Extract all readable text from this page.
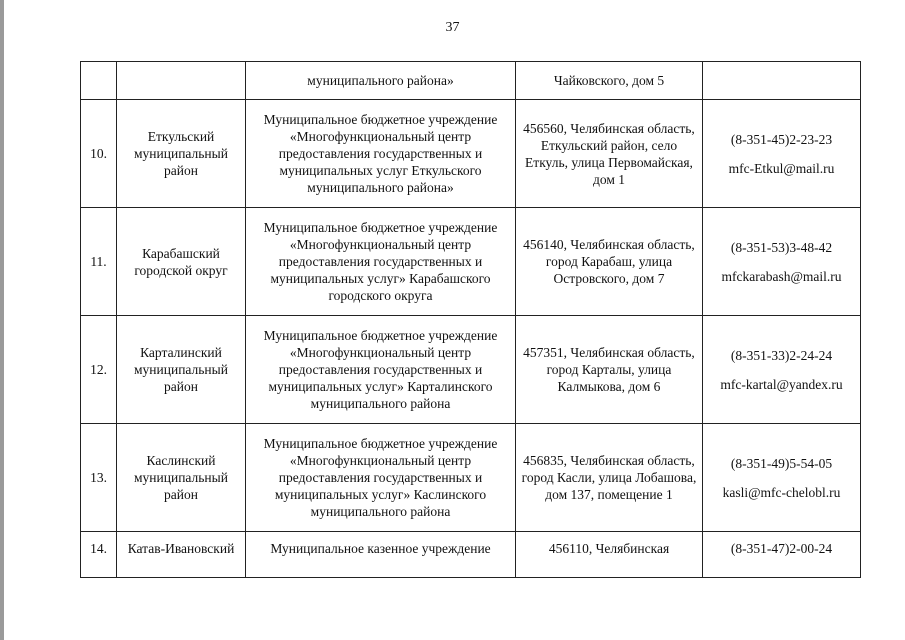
37
		муниципального района»	Чайковского, дом 5	
10.	Еткульский
муниципальный
район	Муниципальное бюджетное учреждение «Многофункциональный центр предоставления государственных и муниципальных услуг Еткульского муниципального района»	456560, Челябинская область, Еткульский район, село Еткуль, улица Первомайская, дом 1	(8-351-45)2-23-23
mfc-Etkul@mail.ru

11.	Карабашский
городской округ	Муниципальное бюджетное учреждение «Многофункциональный центр предоставления государственных и муниципальных услуг» Карабашского городского округа	456140, Челябинская область, город Карабаш, улица Островского, дом 7	(8-351-53)3-48-42
mfckarabash@mail.ru

12.	Карталинский
муниципальный
район	Муниципальное бюджетное учреждение «Многофункциональный центр предоставления государственных и муниципальных услуг» Карталинского муниципального района	457351, Челябинская область, город Карталы, улица Калмыкова, дом 6	(8-351-33)2-24-24
mfc-kartal@yandex.ru

13.	Каслинский
муниципальный
район	Муниципальное бюджетное учреждение «Многофункциональный центр предоставления государственных и муниципальных услуг» Каслинского муниципального района	456835, Челябинская область, город Касли, улица Лобашова, дом 137, помещение 1	(8-351-49)5-54-05
kasli@mfc-chelobl.ru

14.	Катав-Ивановский	Муниципальное казенное учреждение	456110, Челябинская	(8-351-47)2-00-24
